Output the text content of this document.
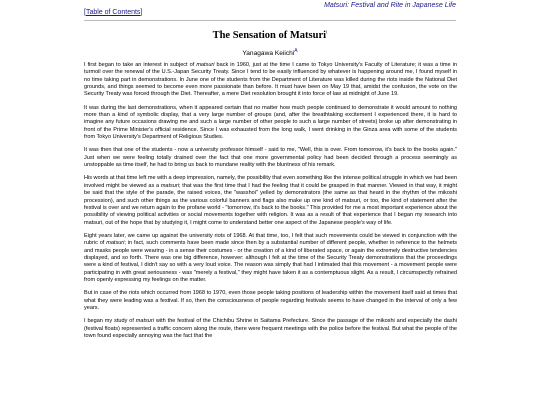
Matsuri: Festival and Rite in Japanese Life
[Table of Contents]
The Sensation of Matsuri$^i$
Yanagawa Keiichi$^A$

I first began to take an interest in subject of matsuri back in 1960, just at the time I came to Tokyo University's Faculty of Literature; it was a time in turmoil over the renewal of the U.S.-Japan Security Treaty. Since I tend to be easily influenced by whatever is happening around me, I found myself in no time taking part in demonstrations. In June one of the students from the Department of Literature was killed during the riots inside the National Diet grounds, and things seemed to become even more passionate than before. It must have been on May 19 that, amidst the confusion, the vote on the Security Treaty was forced through the Diet. Thereafter, a mere Diet resolution brought it into force of law at midnight of June 19.

It was during the last demonstrations, when it appeared certain that no matter how much people continued to demonstrate it would amount to nothing more than a kind of symbolic display, that a very large number of groups (and, after the breathtaking excitement I experienced there, it is hard to imagine any future occasions drawing me and such a large number of other people to such a large number of streets) broke up after demonstrating in front of the Prime Minister's official residence. Since I was exhausted from the long walk, I went drinking in the Ginza area with some of the students from Tokyo University's Department of Religious Studies.

It was then that one of the students - now a university professor himself - said to me, "Well, this is over. From tomorrow, it's back to the books again." Just when we were feeling totally drained over the fact that one more governmental policy had been decided through a process seemingly as unstoppable as time itself, he had to bring us back to mundane reality with the bluntness of his remark.

His words at that time left me with a deep impression, namely, the possibility that even something like the intense political struggle in which we had been involved might be viewed as a matsuri; that was the first time that I had the feeling that it could be grasped in that manner. Viewed in that way, it might be said that the style of the parade, the raised voices, the "wasshoi" yelled by demonstrators (the same as that heard in the rhythm of the mikoshi procession), and such other things as the various colorful banners and flags also make up one kind of matsuri, or too, the kind of statement after the festival is over and we return again to the profane world - "tomorrow, it's back to the books." This provided for me a most important experience about the possibility of viewing political activities or social movements together with religion. It was as a result of that experience that I began my research into matsuri, out of the hope that by studying it, I might come to understand better one aspect of the Japanese people's way of life.

Eight years later, we came up against the university riots of 1968. At that time, too, I felt that such movements could be viewed in conjunction with the rubric of matsuri; in fact, such comments have been made since then by a substantial number of different people, whether in reference to the helmets and masks people were wearing - in a sense their costumes - or the creation of a kind of liberated space, or again the extremely destructive tendencies displayed, and so forth. There was one big difference, however: although I felt at the time of the Security Treaty demonstrations that the proceedings were a kind of festival, I didn't say so with a very loud voice. The reason was simply that had I intimated that this movement - a movement people were participating in with great seriousness - was "merely a festival," they might have taken it as a contemptuous slight. As a result, I circumspectly refrained from openly expressing my feelings on the matter.

But in case of the riots which occurred from 1968 to 1970, even those people taking positions of leadership within the movement itself said at times that what they were leading was a festival. If so, then the consciousness of people regarding festivals seems to have changed in the interval of only a few years.

I began my study of matsuri with the festival of the Chichibu Shrine in Saitama Prefecture. Since the passage of the mikoshi and especially the dashi (festival floats) represented a traffic concern along the route, there were frequent meetings with the police before the festival. But what the people of the town found especially annoying was the fact that the
